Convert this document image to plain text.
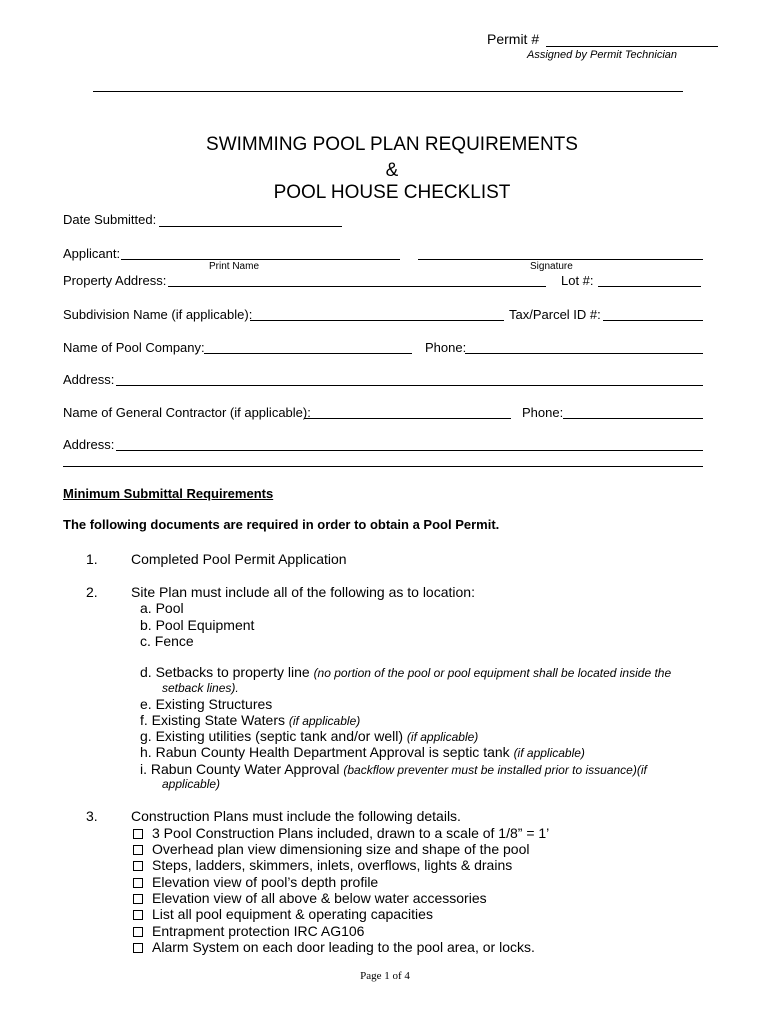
Permit #
Assigned by Permit Technician
SWIMMING POOL PLAN REQUIREMENTS
&
POOL HOUSE CHECKLIST
Date Submitted:
Applicant:
Print Name	Signature
Property Address:	Lot #:
Subdivision Name (if applicable):	Tax/Parcel ID #:
Name of Pool Company:	Phone:
Address:
Name of General Contractor (if applicable):	Phone:
Address:
Minimum Submittal Requirements
The following documents are required in order to obtain a Pool Permit.
1. Completed Pool Permit Application
2. Site Plan must include all of the following as to location:
a. Pool
b. Pool Equipment
c. Fence
d. Setbacks to property line (no portion of the pool or pool equipment shall be located inside the
setback lines).
e. Existing Structures
f. Existing State Waters (if applicable)
g. Existing utilities (septic tank and/or well) (if applicable)
h. Rabun County Health Department Approval is septic tank (if applicable)
i. Rabun County Water Approval (backflow preventer must be installed prior to issuance)(if
applicable)
3. Construction Plans must include the following details.
3 Pool Construction Plans included, drawn to a scale of 1/8” = 1’
Overhead plan view dimensioning size and shape of the pool
Steps, ladders, skimmers, inlets, overflows, lights & drains
Elevation view of pool’s depth profile
Elevation view of all above & below water accessories
List all pool equipment & operating capacities
Entrapment protection IRC AG106
Alarm System on each door leading to the pool area, or locks.
Page 1 of 4
